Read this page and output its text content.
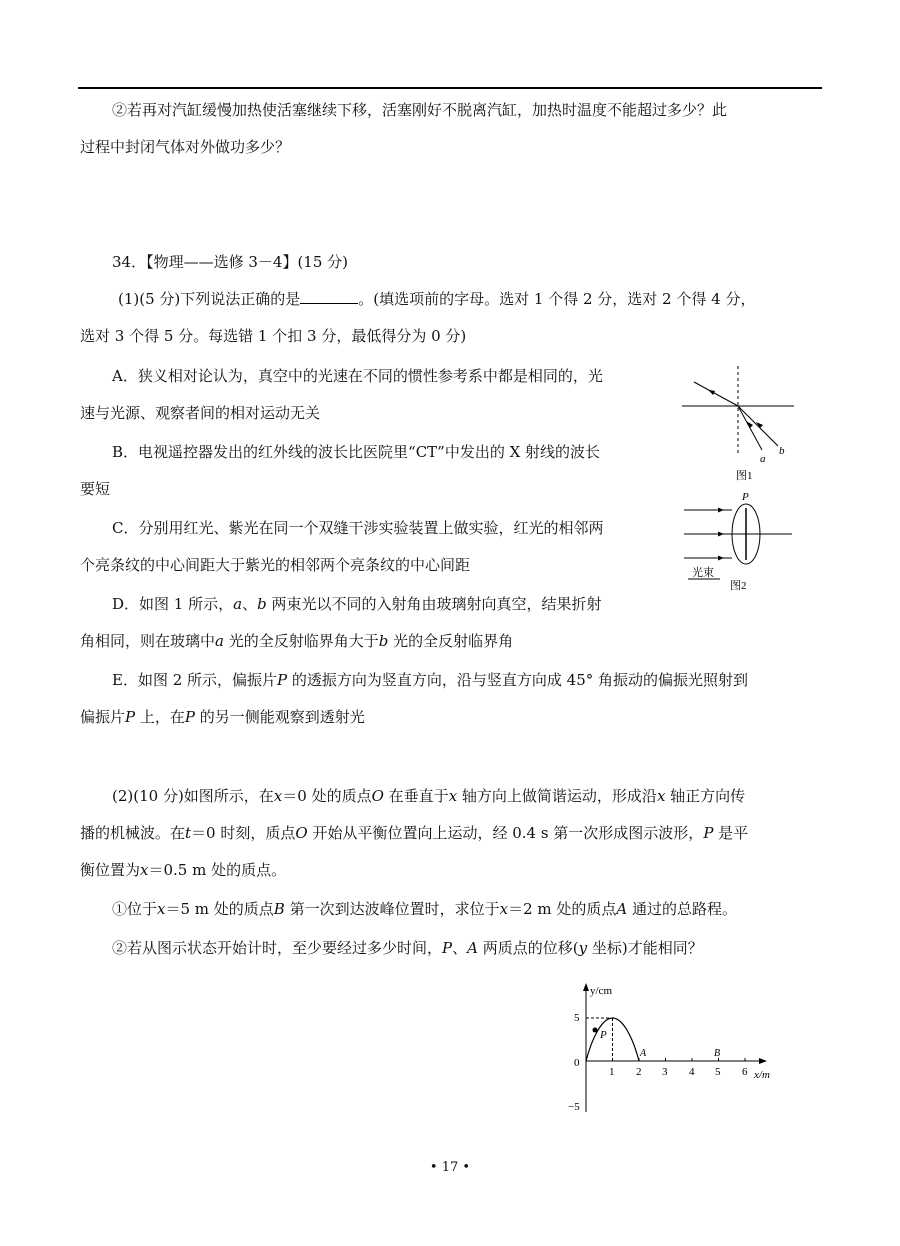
②若再对汽缸缓慢加热使活塞继续下移，活塞刚好不脱离汽缸，加热时温度不能超过多少？此
过程中封闭气体对外做功多少？
34．【物理——选修 3－4】(15 分)
(1)(5 分)下列说法正确的是	。(填选项前的字母。选对 1 个得 2 分，选对 2 个得 4 分，
选对 3 个得 5 分。每选错 1 个扣 3 分，最低得分为 0 分)
A．狭义相对论认为，真空中的光速在不同的惯性参考系中都是相同的，光
速与光源、观察者间的相对运动无关
B．电视遥控器发出的红外线的波长比医院里“CT”中发出的 X 射线的波长
要短
C．分别用红光、紫光在同一个双缝干涉实验装置上做实验，红光的相邻两
个亮条纹的中心间距大于紫光的相邻两个亮条纹的中心间距
D．如图 1 所示，a、b 两束光以不同的入射角由玻璃射向真空，结果折射
角相同，则在玻璃中a 光的全反射临界角大于b 光的全反射临界角
E．如图 2 所示，偏振片P 的透振方向为竖直方向，沿与竖直方向成 45° 角振动的偏振光照射到
偏振片P 上，在P 的另一侧能观察到透射光
(2)(10 分)如图所示，在x＝0 处的质点O 在垂直于x 轴方向上做简谐运动，形成沿x 轴正方向传
播的机械波。在t＝0 时刻，质点O 开始从平衡位置向上运动，经 0.4 s 第一次形成图示波形，P 是平
衡位置为x＝0.5 m 处的质点。
①位于x＝5 m 处的质点B 第一次到达波峰位置时，求位于x＝2 m 处的质点A 通过的总路程。
②若从图示状态开始计时，至少要经过多少时间，P、A 两质点的位移(y 坐标)才能相同？
a
b
图1
P
光束
图2
y/cm
x/m
5
0
−5
1 2 3 4 5 6
P
A	B
• 17 •
